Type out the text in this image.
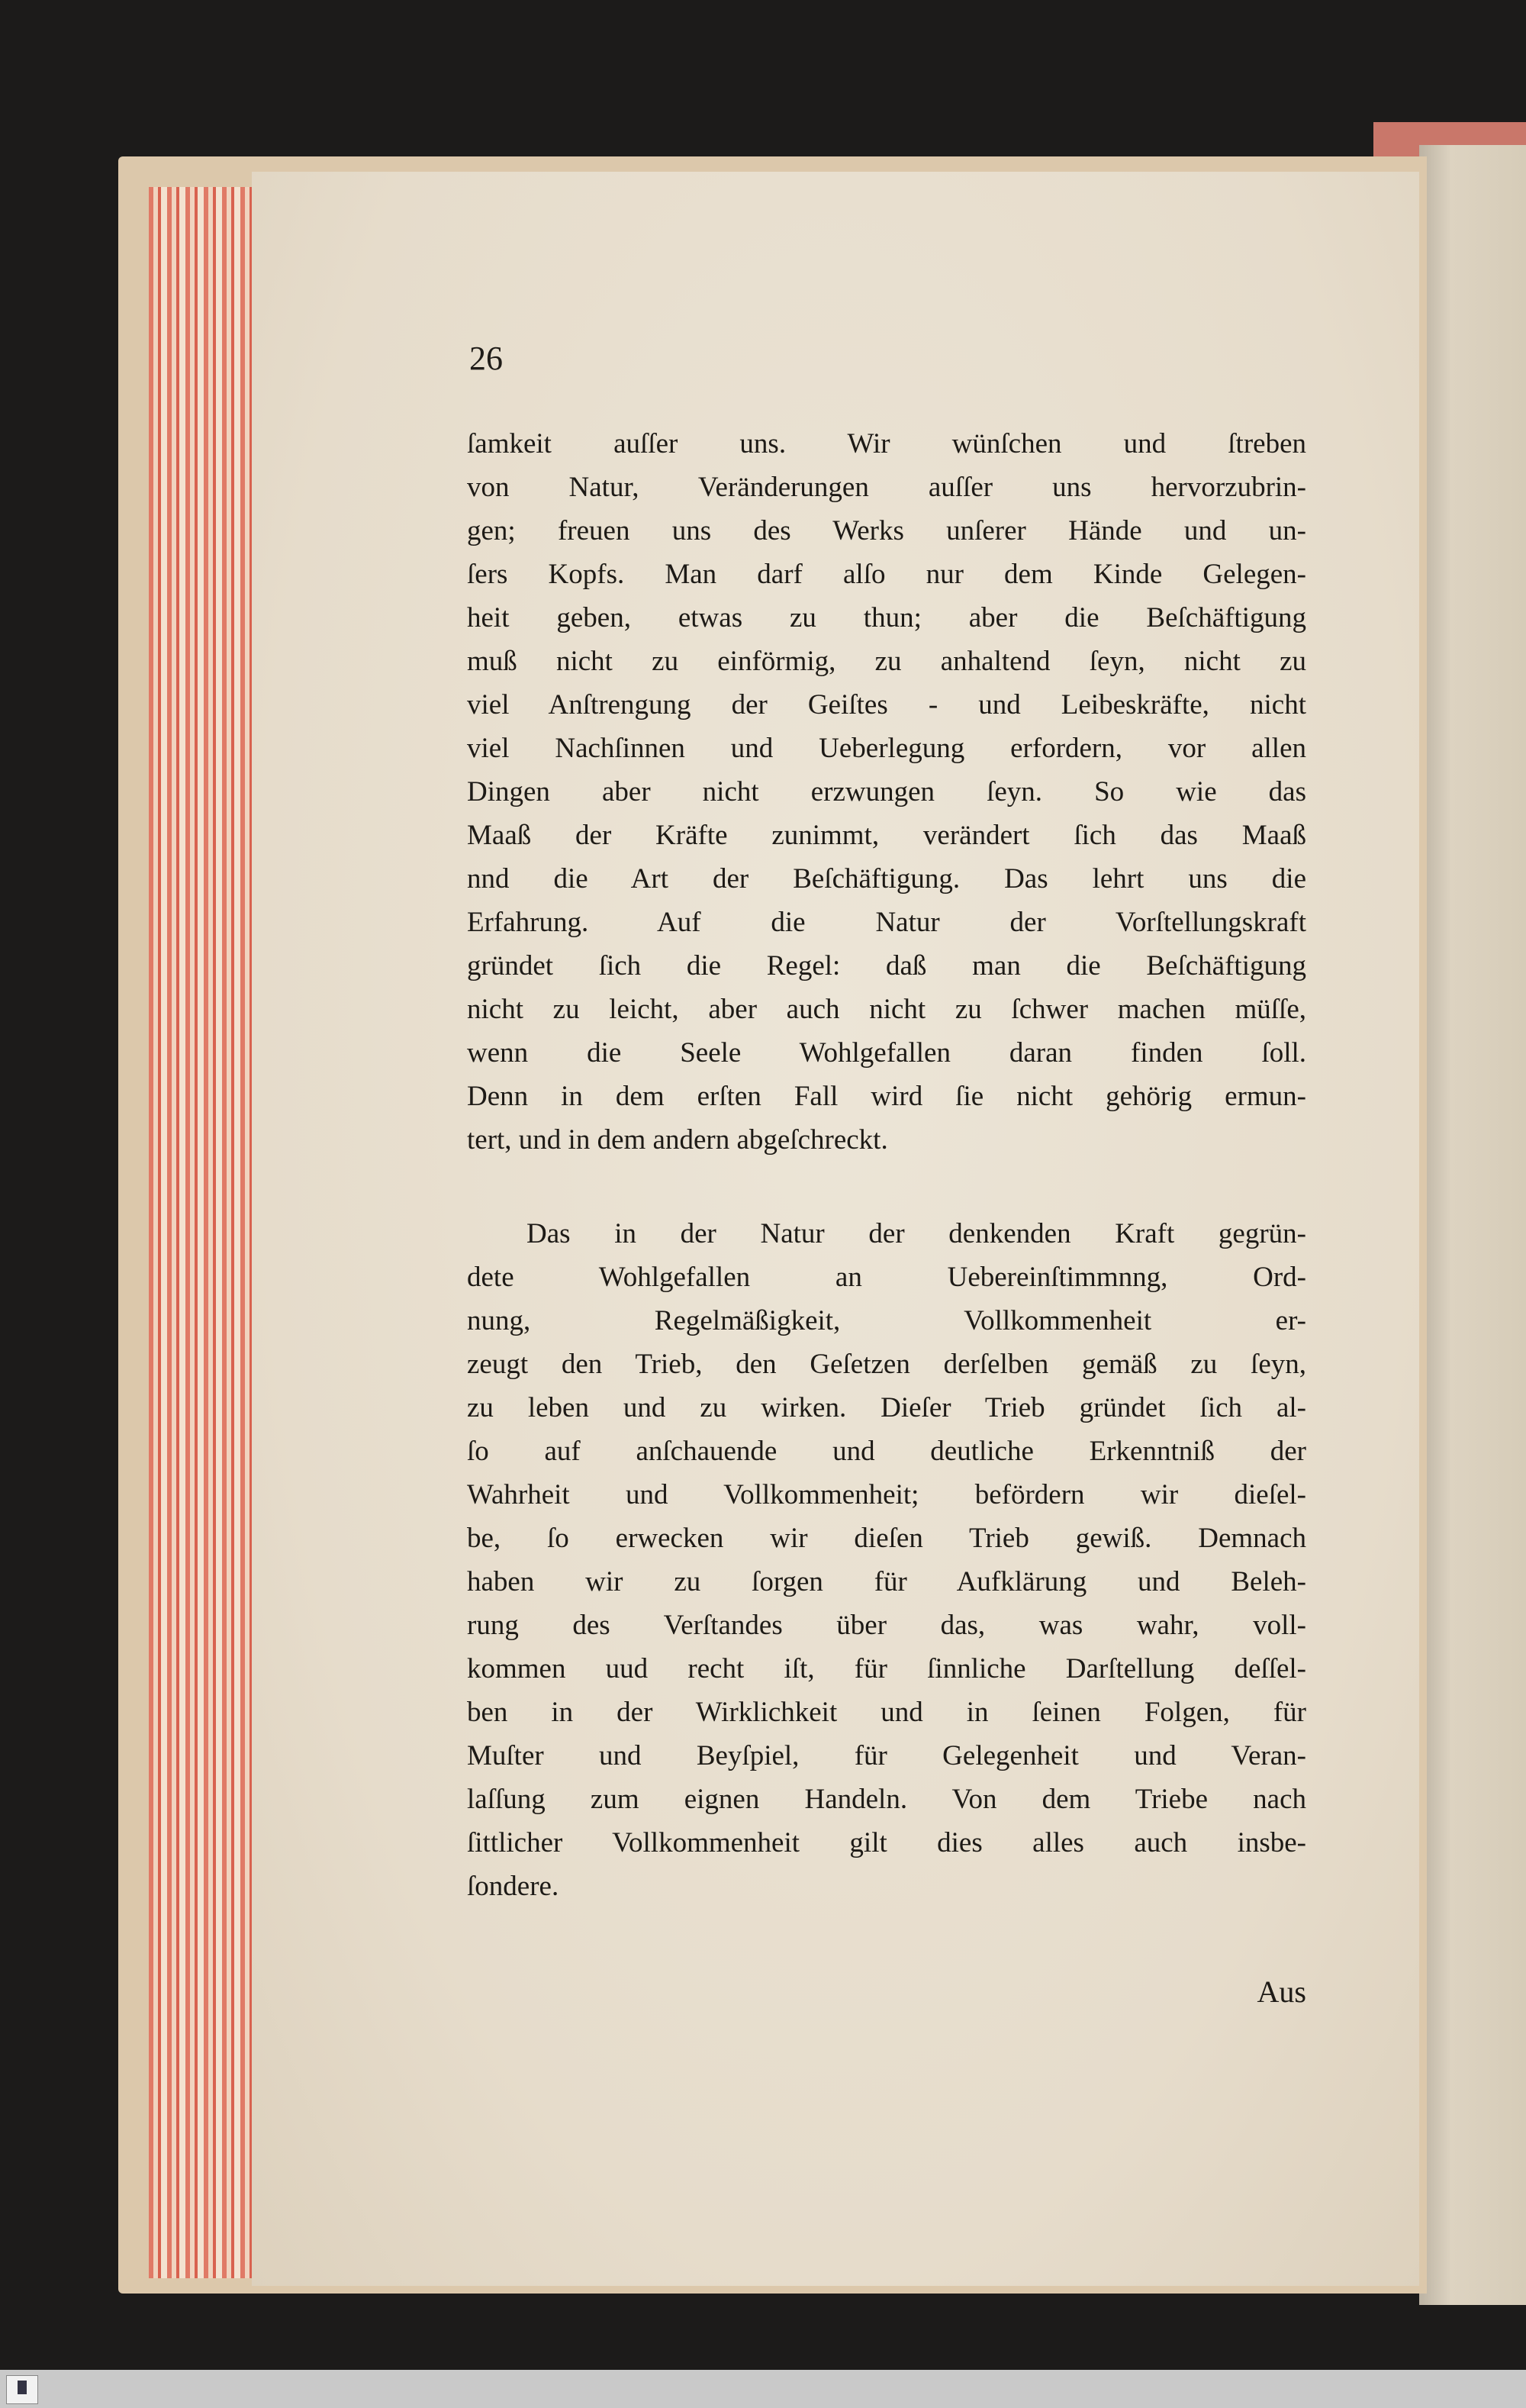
26
ſamkeit auſſer uns. Wir wünſchen und ſtreben
von Natur, Veränderungen auſſer uns hervorzubrin-
gen; freuen uns des Werks unſerer Hände und un-
ſers Kopfs. Man darf alſo nur dem Kinde Gelegen-
heit geben, etwas zu thun; aber die Beſchäftigung
muß nicht zu einförmig, zu anhaltend ſeyn, nicht zu
viel Anſtrengung der Geiſtes - und Leibeskräfte, nicht
viel Nachſinnen und Ueberlegung erfordern, vor allen
Dingen aber nicht erzwungen ſeyn. So wie das
Maaß der Kräfte zunimmt, verändert ſich das Maaß
nnd die Art der Beſchäftigung. Das lehrt uns die
Erfahrung. Auf die Natur der Vorſtellungskraft
gründet ſich die Regel: daß man die Beſchäftigung
nicht zu leicht, aber auch nicht zu ſchwer machen müſſe,
wenn die Seele Wohlgefallen daran finden ſoll.
Denn in dem erſten Fall wird ſie nicht gehörig ermun-
tert, und in dem andern abgeſchreckt.
Das in der Natur der denkenden Kraft gegrün-
dete Wohlgefallen an Uebereinſtimmnng, Ord-
nung, Regelmäßigkeit, Vollkommenheit er-
zeugt den Trieb, den Geſetzen derſelben gemäß zu ſeyn,
zu leben und zu wirken. Dieſer Trieb gründet ſich al-
ſo auf anſchauende und deutliche Erkenntniß der
Wahrheit und Vollkommenheit; befördern wir dieſel-
be, ſo erwecken wir dieſen Trieb gewiß. Demnach
haben wir zu ſorgen für Aufklärung und Beleh-
rung des Verſtandes über das, was wahr, voll-
kommen uud recht iſt, für ſinnliche Darſtellung deſſel-
ben in der Wirklichkeit und in ſeinen Folgen, für
Muſter und Beyſpiel, für Gelegenheit und Veran-
laſſung zum eignen Handeln. Von dem Triebe nach
ſittlicher Vollkommenheit gilt dies alles auch insbe-
ſondere.
Aus
